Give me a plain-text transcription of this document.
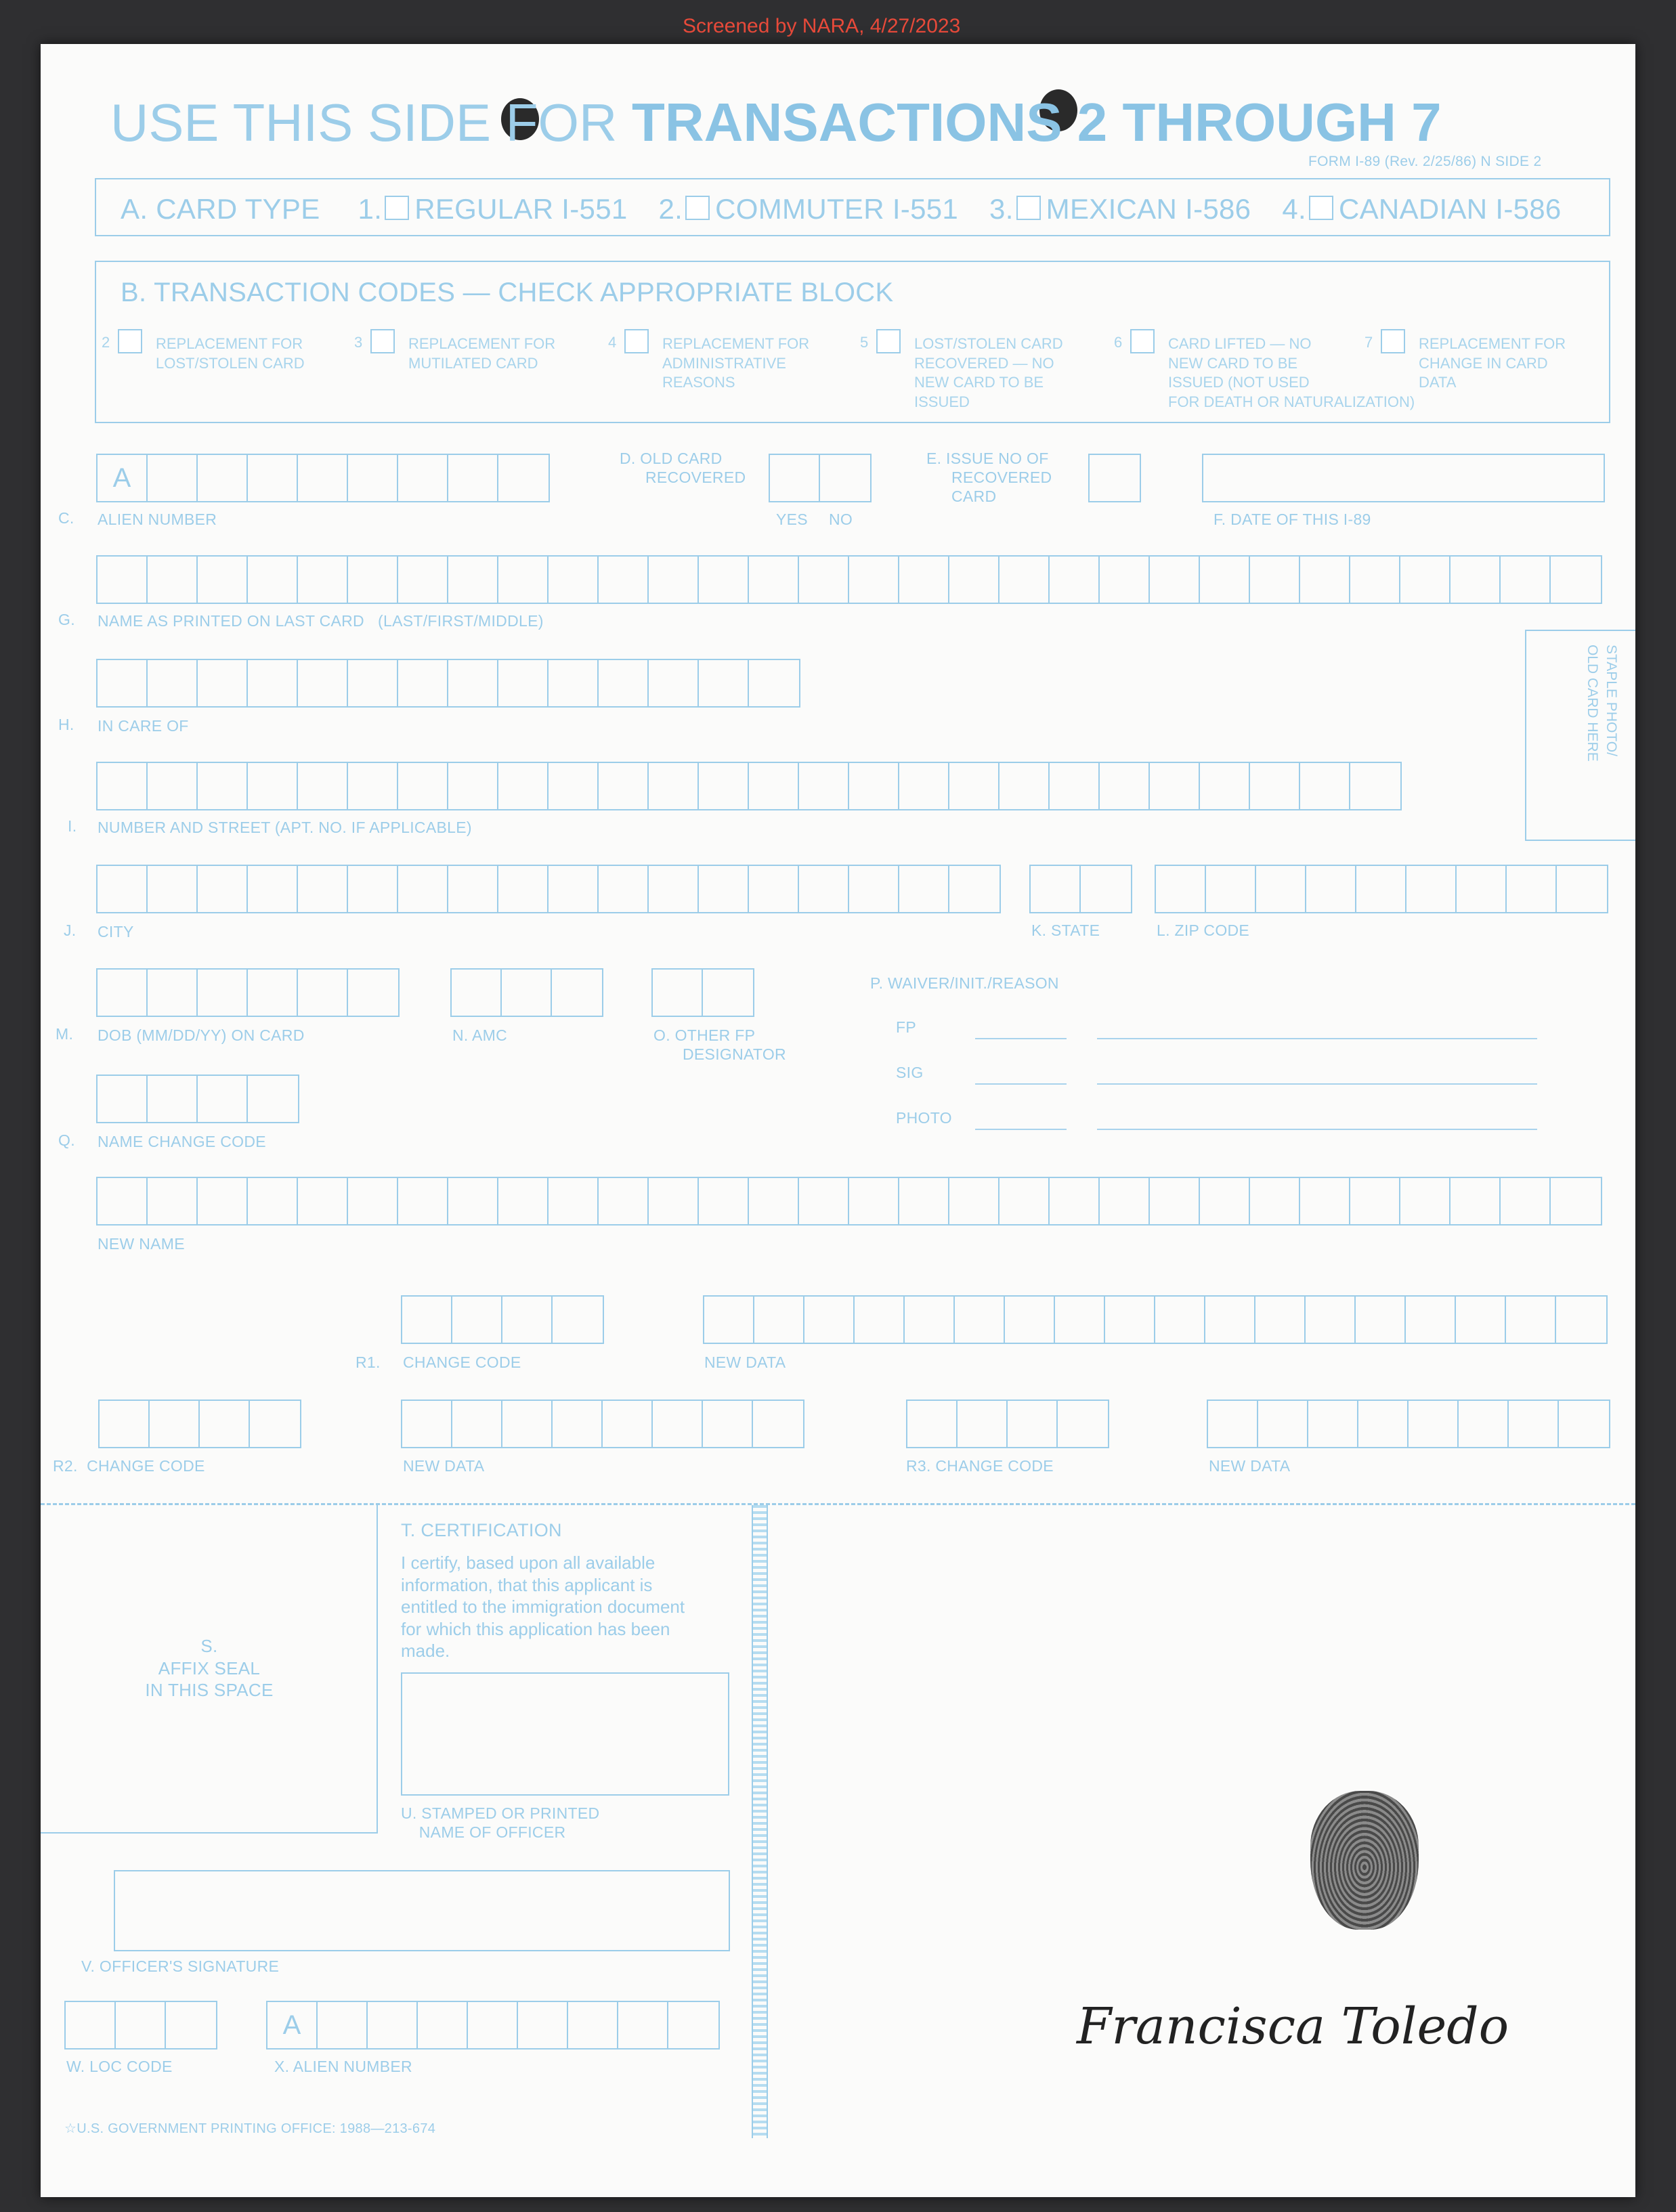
Screened by NARA, 4/27/2023
USE THIS SIDE FOR TRANSACTIONS 2 THROUGH 7
FORM I-89 (Rev. 2/25/86) N SIDE 2
A. CARD TYPE 1. REGULAR I-551 2. COMMUTER I-551 3. MEXICAN I-586 4. CANADIAN I-586
B. TRANSACTION CODES — CHECK APPROPRIATE BLOCK
2	REPLACEMENT FOR
LOST/STOLEN CARD
3	REPLACEMENT FOR
MUTILATED CARD
4	REPLACEMENT FOR
ADMINISTRATIVE
REASONS
5	LOST/STOLEN CARD
RECOVERED — NO
NEW CARD TO BE
ISSUED
6	CARD LIFTED — NO
NEW CARD TO BE
ISSUED (NOT USED
FOR DEATH OR NATURALIZATION)
7	REPLACEMENT FOR
CHANGE IN CARD
DATA
A
C. ALIEN NUMBER
D. OLD CARD
RECOVERED
YES NO
E. ISSUE NO OF
RECOVERED
CARD
F. DATE OF THIS I-89
G. NAME AS PRINTED ON LAST CARD (LAST/FIRST/MIDDLE)
STAPLE PHOTO/
OLD CARD HERE
H. IN CARE OF
I. NUMBER AND STREET (APT. NO. IF APPLICABLE)
J. CITY	K. STATE	L. ZIP CODE
M. DOB (MM/DD/YY) ON CARD	N. AMC	O. OTHER FP
DESIGNATOR
P. WAIVER/INIT./REASON
FP
SIG
PHOTO
Q. NAME CHANGE CODE
NEW NAME
R1. CHANGE CODE	NEW DATA
R2. CHANGE CODE	NEW DATA	R3. CHANGE CODE	NEW DATA
S.
AFFIX SEAL
IN THIS SPACE
T. CERTIFICATION
I certify, based upon all available
information, that this applicant is
entitled to the immigration document
for which this application has been
made.
U. STAMPED OR PRINTED
NAME OF OFFICER
V. OFFICER'S SIGNATURE
W. LOC CODE
A
X. ALIEN NUMBER
☆U.S. GOVERNMENT PRINTING OFFICE: 1988—213-674
Francisca Toledo
